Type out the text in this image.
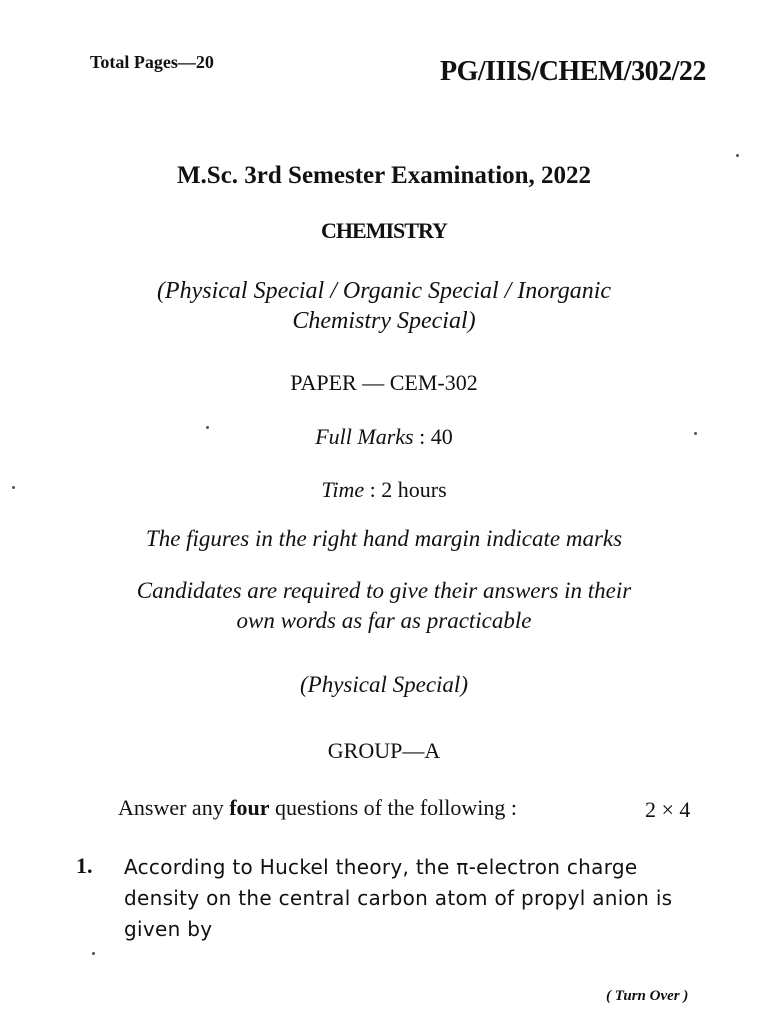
Total Pages—20	PG/IIIS/CHEM/302/22
M.Sc. 3rd Semester Examination, 2022
CHEMISTRY
(Physical Special / Organic Special / Inorganic
Chemistry Special)
PAPER — CEM-302
Full Marks : 40
Time : 2 hours
The figures in the right hand margin indicate marks
Candidates are required to give their answers in their
own words as far as practicable
(Physical Special)
GROUP—A
Answer any four questions of the following :	2 × 4
1. According to Huckel theory, the π-electron charge density on the central carbon atom of propyl anion is given by
( Turn Over )
